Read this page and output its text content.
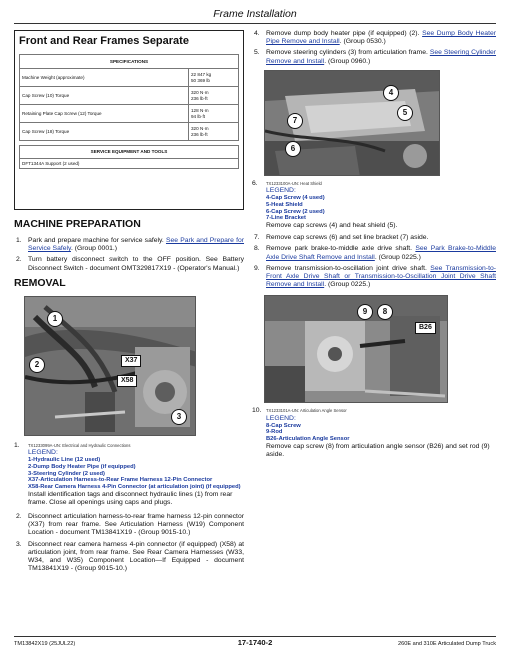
Frame Installation
Front and Rear Frames Separate
SPECIFICATIONS	
Machine Weight (approximate)	22 847 kg
50 369 lb

Cap Screw (10) Torque	320 N·m
236 lb·ft

Retaining Plate Cap Screw (12) Torque	128 N·m
94 lb·ft

Cap Screw (18) Torque	320 N·m
236 lb·ft
SERVICE EQUIPMENT AND TOOLS
DFT1344A Support (2 used)
MACHINE PREPARATION
1. Park and prepare machine for service safely. See Park and Prepare for Service Safely. (Group 0001.)
2. Turn battery disconnect switch to the OFF position. See Battery Disconnect Switch - document OMT329817X19 - (Operator's Manual.)
REMOVAL
1
2
3
X37
X58
1.	TX1233099A-UN: Electrical and Hydraulic Connections
LEGEND:
1-Hydraulic Line (12 used)
2-Dump Body Heater Pipe (if equipped)
3-Steering Cylinder (2 used)
X37-Articulation Harness-to-Rear Frame Harness 12-Pin Connector
X58-Rear Camera Harness 4-Pin Connector (at articulation joint) (if equipped)
Install identification tags and disconnect hydraulic lines (1) from rear frame. Close all openings using caps and plugs.
2. Disconnect articulation harness-to-rear frame harness 12-pin connector (X37) from rear frame. See Articulation Harness (W19) Component Location - document TM13841X19 - (Group 9015-10.)
3. Disconnect rear camera harness 4-pin connector (if equipped) (X58) at articulation joint, from rear frame. See Rear Camera Harnesses (W33, W34, and W35) Component Location—If Equipped - document TM13841X19 - (Group 9015-10.)
4. Remove dump body heater pipe (if equipped) (2). See Dump Body Heater Pipe Remove and Install. (Group 0530.)
5. Remove steering cylinders (3) from articulation frame. See Steering Cylinder Remove and Install. (Group 0960.)
4
5
6
7
6.	TX1233100A-UN: Heat Shield
LEGEND:
4-Cap Screw (4 used)
5-Heat Shield
6-Cap Screw (2 used)
7-Line Bracket
Remove cap screws (4) and heat shield (5).
7. Remove cap screws (6) and set line bracket (7) aside.
8. Remove park brake-to-middle axle drive shaft. See Park Brake-to-Middle Axle Drive Shaft Remove and Install. (Group 0225.)
9. Remove transmission-to-oscillation joint drive shaft. See Transmission-to-Front Axle Drive Shaft or Transmission-to-Oscillation Joint Drive Shaft Remove and Install. (Group 0225.)
9	8
B26
10.	TX1233101A-UN: Articulation Angle Sensor
LEGEND:
8-Cap Screw
9-Rod
B26-Articulation Angle Sensor
Remove cap screw (8) from articulation angle sensor (B26) and set rod (9) aside.
TM13842X19 (25JUL22)	17-1740-2	260E and 310E Articulated Dump Truck
